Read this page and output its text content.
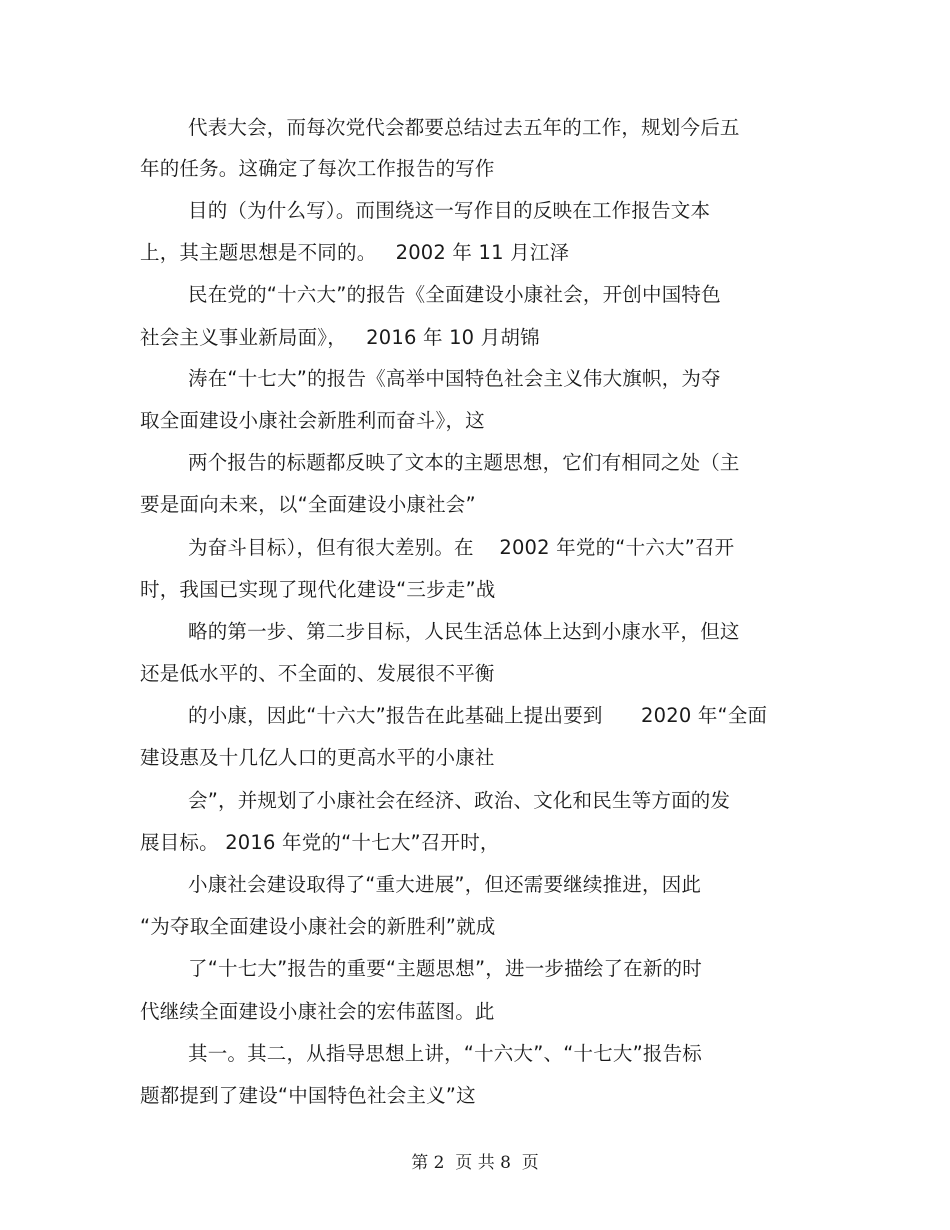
代表大会，而每次党代会都要总结过去五年的工作，规划今后五
年的任务。这确定了每次工作报告的写作
目的（为什么写）。而围绕这一写作目的反映在工作报告文本
上，其主题思想是不同的。   2002 年 11 月江泽
民在党的“十六大”的报告《全面建设小康社会，开创中国特色
社会主义事业新局面》，   2016 年 10 月胡锦
涛在“十七大”的报告《高举中国特色社会主义伟大旗帜，为夺
取全面建设小康社会新胜利而奋斗》，这
两个报告的标题都反映了文本的主题思想，它们有相同之处（主
要是面向未来，以“全面建设小康社会”
为奋斗目标），但有很大差别。在    2002 年党的“十六大”召开
时，我国已实现了现代化建设“三步走”战
略的第一步、第二步目标，人民生活总体上达到小康水平，但这
还是低水平的、不全面的、发展很不平衡
的小康，因此“十六大”报告在此基础上提出要到      2020 年“全面
建设惠及十几亿人口的更高水平的小康社
会”，并规划了小康社会在经济、政治、文化和民生等方面的发
展目标。 2016 年党的“十七大”召开时，
小康社会建设取得了“重大进展”，但还需要继续推进，因此
“为夺取全面建设小康社会的新胜利”就成
了“十七大”报告的重要“主题思想”，进一步描绘了在新的时
代继续全面建设小康社会的宏伟蓝图。此
其一。其二，从指导思想上讲，“十六大”、“十七大”报告标
题都提到了建设“中国特色社会主义”这
第 2  页 共 8  页
